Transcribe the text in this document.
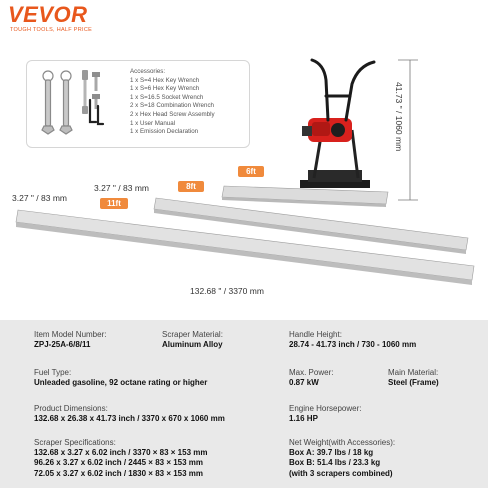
VEVOR
TOUGH TOOLS, HALF PRICE
Accessories:
1 x S=4 Hex Key Wrench
1 x S=6 Hex Key Wrench
1 x S=16.5 Socket Wrench
2 x S=18 Combination Wrench
2 x Hex Head Screw Assembly
1 x User Manual
1 x Emission Declaration	41.73 " / 1060 mm
3.27 " / 83 mm
3.27 " / 83 mm
132.68 " / 3370 mm
6ft
8ft
11ft
Item Model Number:
ZPJ-25A-6/8/11
Scraper Material:
Aluminum Alloy
Handle Height:
28.74 - 41.73 inch / 730 - 1060 mm
Fuel Type:
Unleaded gasoline, 92 octane rating or higher
Max. Power:
0.87 kW
Main Material:
Steel (Frame)
Product Dimensions:
132.68 x 26.38 x 41.73 inch / 3370 x 670 x 1060 mm
Engine Horsepower:
1.16 HP
Scraper Specifications:
132.68 x 3.27 x 6.02 inch / 3370 × 83 × 153 mm
96.26 x 3.27 x 6.02 inch / 2445 × 83 × 153 mm
72.05 x 3.27 x 6.02 inch / 1830 × 83 × 153 mm
Net Weight(with Accessories):
Box A: 39.7 lbs / 18 kg
Box B: 51.4 lbs / 23.3 kg
(with 3 scrapers combined)
